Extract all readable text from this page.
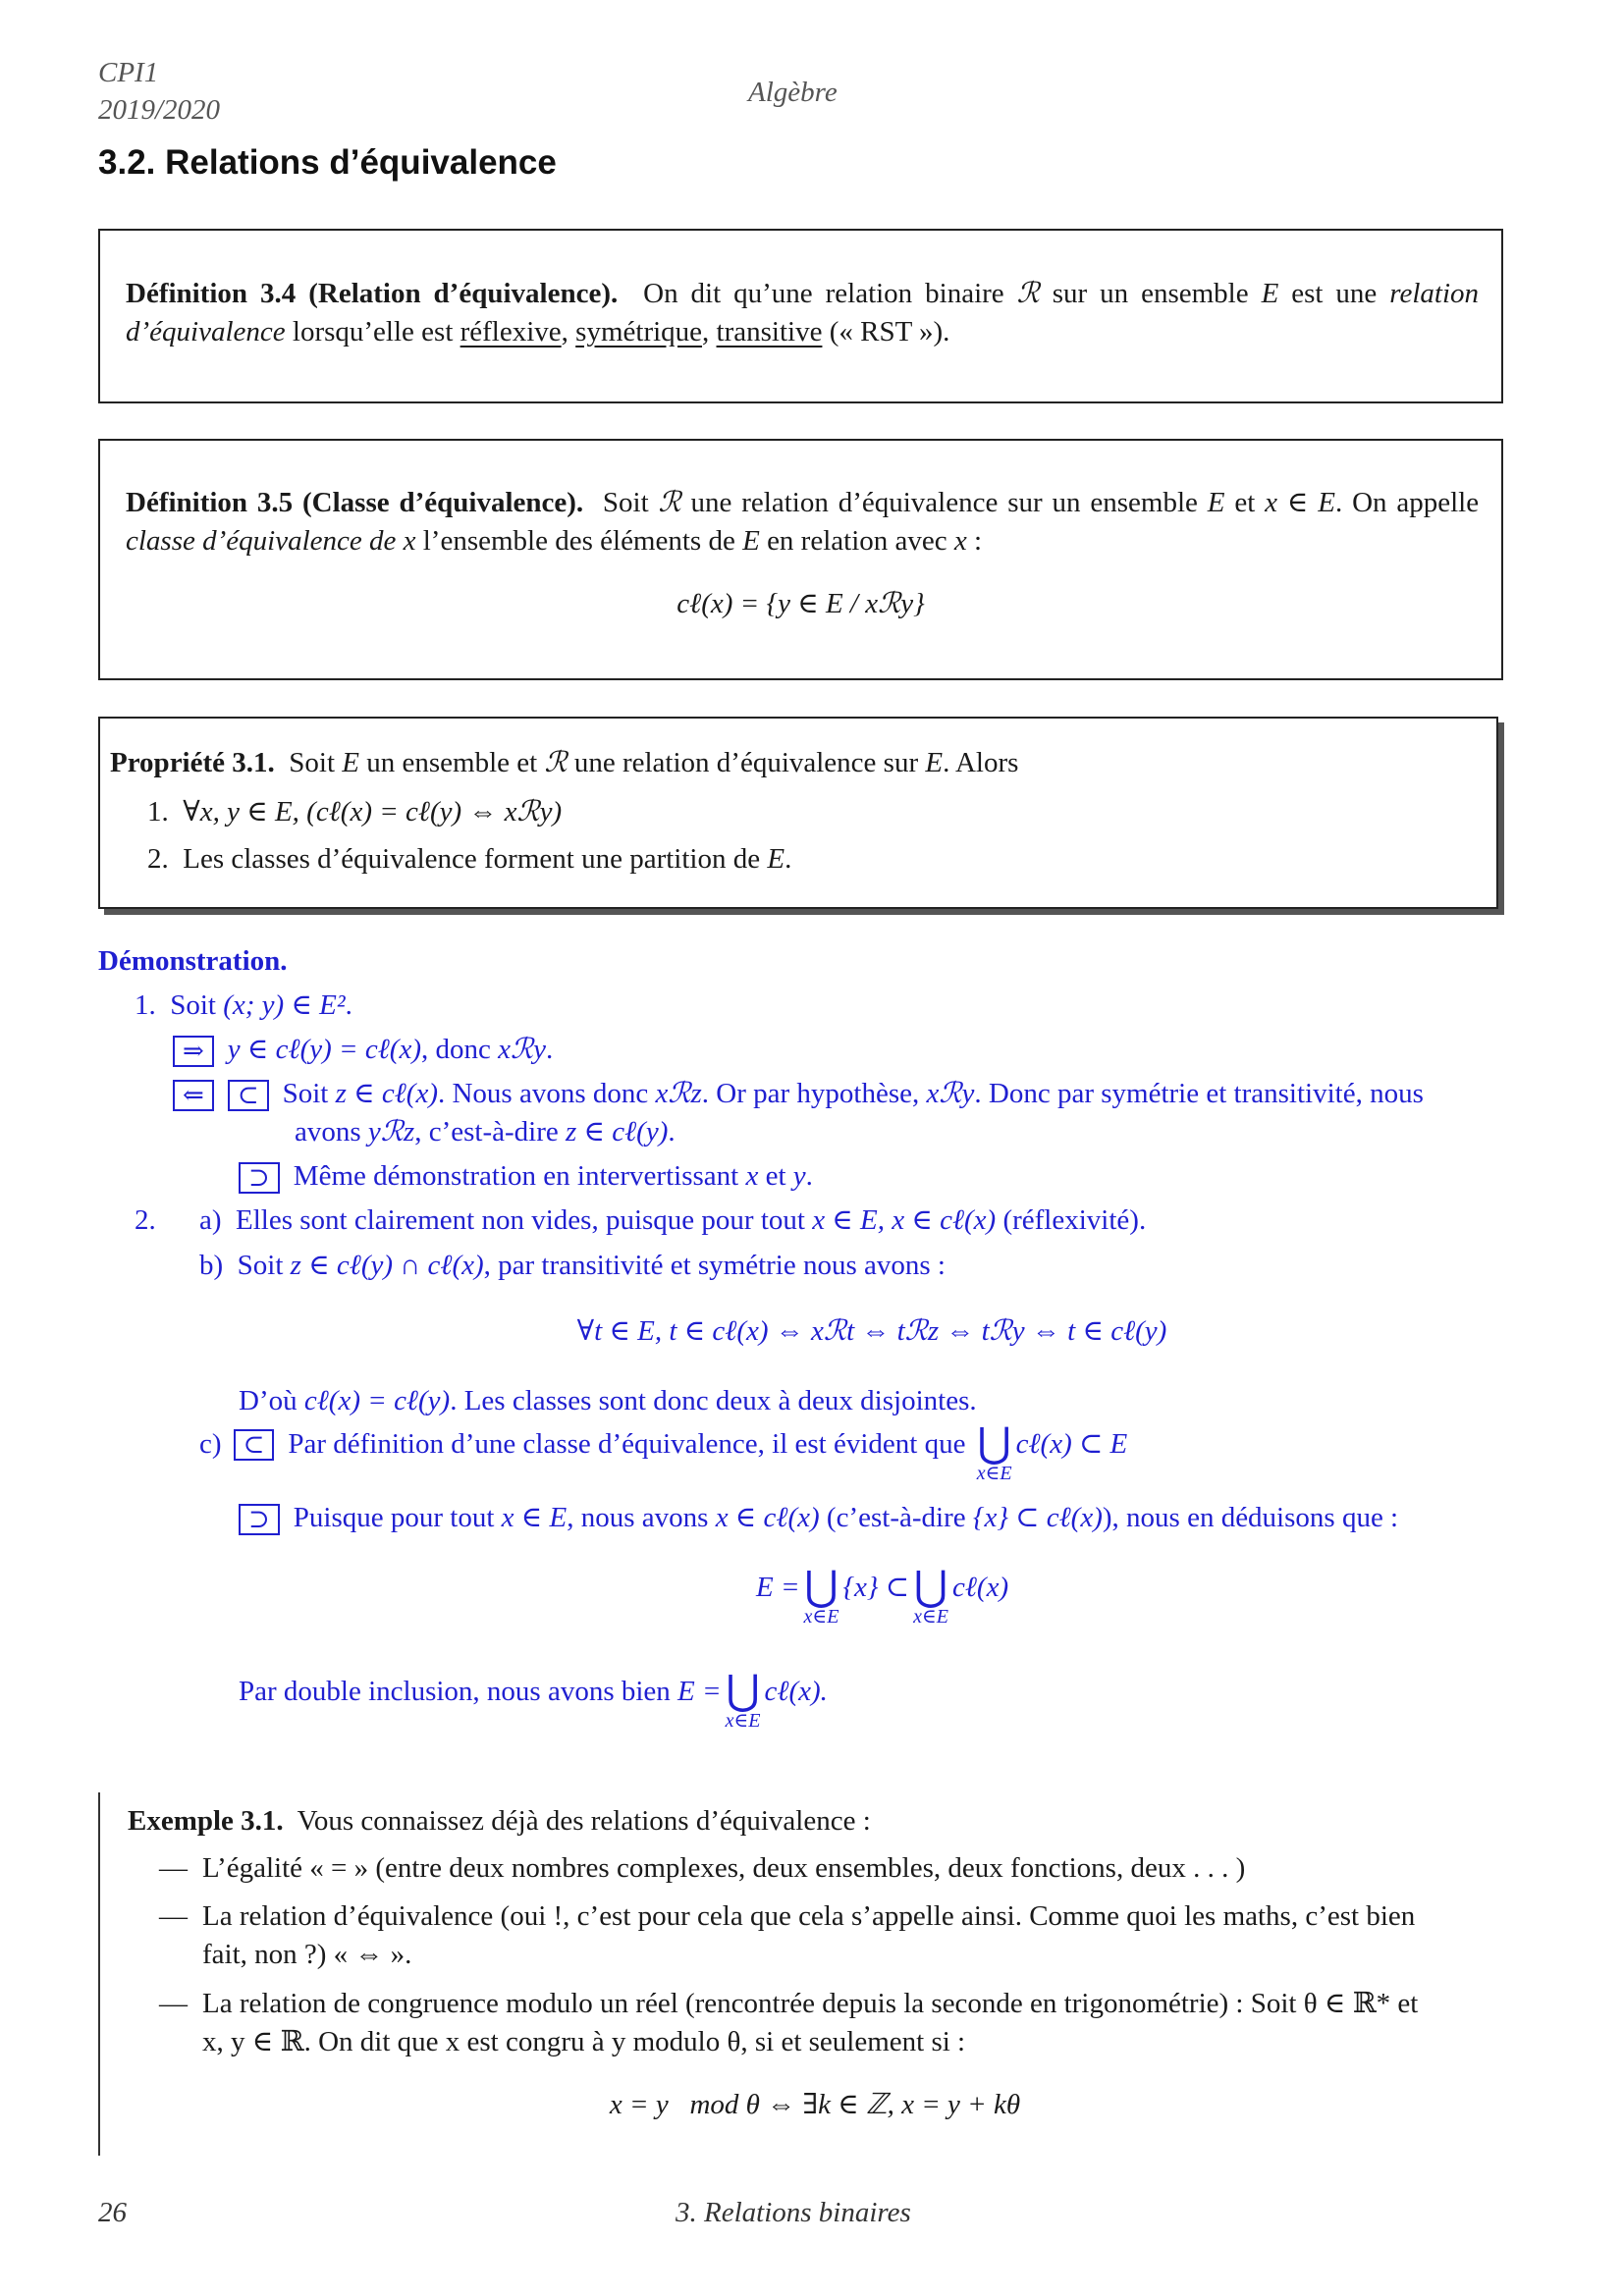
CPI1
2019/2020
Algèbre
3.2. Relations d’équivalence
Définition 3.4 (Relation d’équivalence). On dit qu’une relation binaire ℛ sur un ensemble E est une relation d’équivalence lorsqu’elle est réflexive, symétrique, transitive (« RST »).
Définition 3.5 (Classe d’équivalence). Soit ℛ une relation d’équivalence sur un ensemble E et x ∈ E. On appelle classe d’équivalence de x l’ensemble des éléments de E en relation avec x :
cℓ(x) = {y ∈ E / xℛy}
Propriété 3.1. Soit E un ensemble et ℛ une relation d’équivalence sur E. Alors
1. ∀x, y ∈ E, (cℓ(x) = cℓ(y) ⇔ xℛy)
2. Les classes d’équivalence forment une partition de E.
Démonstration.
1. Soit (x; y) ∈ E².
⇒ y ∈ cℓ(y) = cℓ(x), donc xℛy.
⇐ ⊂ Soit z ∈ cℓ(x). Nous avons donc xℛz. Or par hypothèse, xℛy. Donc par symétrie et transitivité, nous
avons yℛz, c’est-à-dire z ∈ cℓ(y).
⊃ Même démonstration en intervertissant x et y.
2. a) Elles sont clairement non vides, puisque pour tout x ∈ E, x ∈ cℓ(x) (réflexivité).
b) Soit z ∈ cℓ(y) ∩ cℓ(x), par transitivité et symétrie nous avons :
∀t ∈ E, t ∈ cℓ(x) ⇔ xℛt ⇔ tℛz ⇔ tℛy ⇔ t ∈ cℓ(y)
D’où cℓ(x) = cℓ(y). Les classes sont donc deux à deux disjointes.
c) ⊂ Par définition d’une classe d’équivalence, il est évident que
⋃
x∈E
cℓ(x) ⊂ E
⊃ Puisque pour tout x ∈ E, nous avons x ∈ cℓ(x) (c’est-à-dire {x} ⊂ cℓ(x)), nous en déduisons que :
E = ⋃
x∈E
{x} ⊂ ⋃
x∈E
cℓ(x)
Par double inclusion, nous avons bien
E = ⋃
x∈E
cℓ(x).
Exemple 3.1. Vous connaissez déjà des relations d’équivalence :
— L’égalité « = » (entre deux nombres complexes, deux ensembles, deux fonctions, deux . . . )
— La relation d’équivalence (oui !, c’est pour cela que cela s’appelle ainsi. Comme quoi les maths, c’est bien
fait, non ?) « ⇔ ».
— La relation de congruence modulo un réel (rencontrée depuis la seconde en trigonométrie) : Soit θ ∈ ℝ* et
x, y ∈ ℝ. On dit que x est congru à y modulo θ, si et seulement si :
x = y   mod θ ⇔ ∃k ∈ ℤ, x = y + kθ
26	3. Relations binaires
